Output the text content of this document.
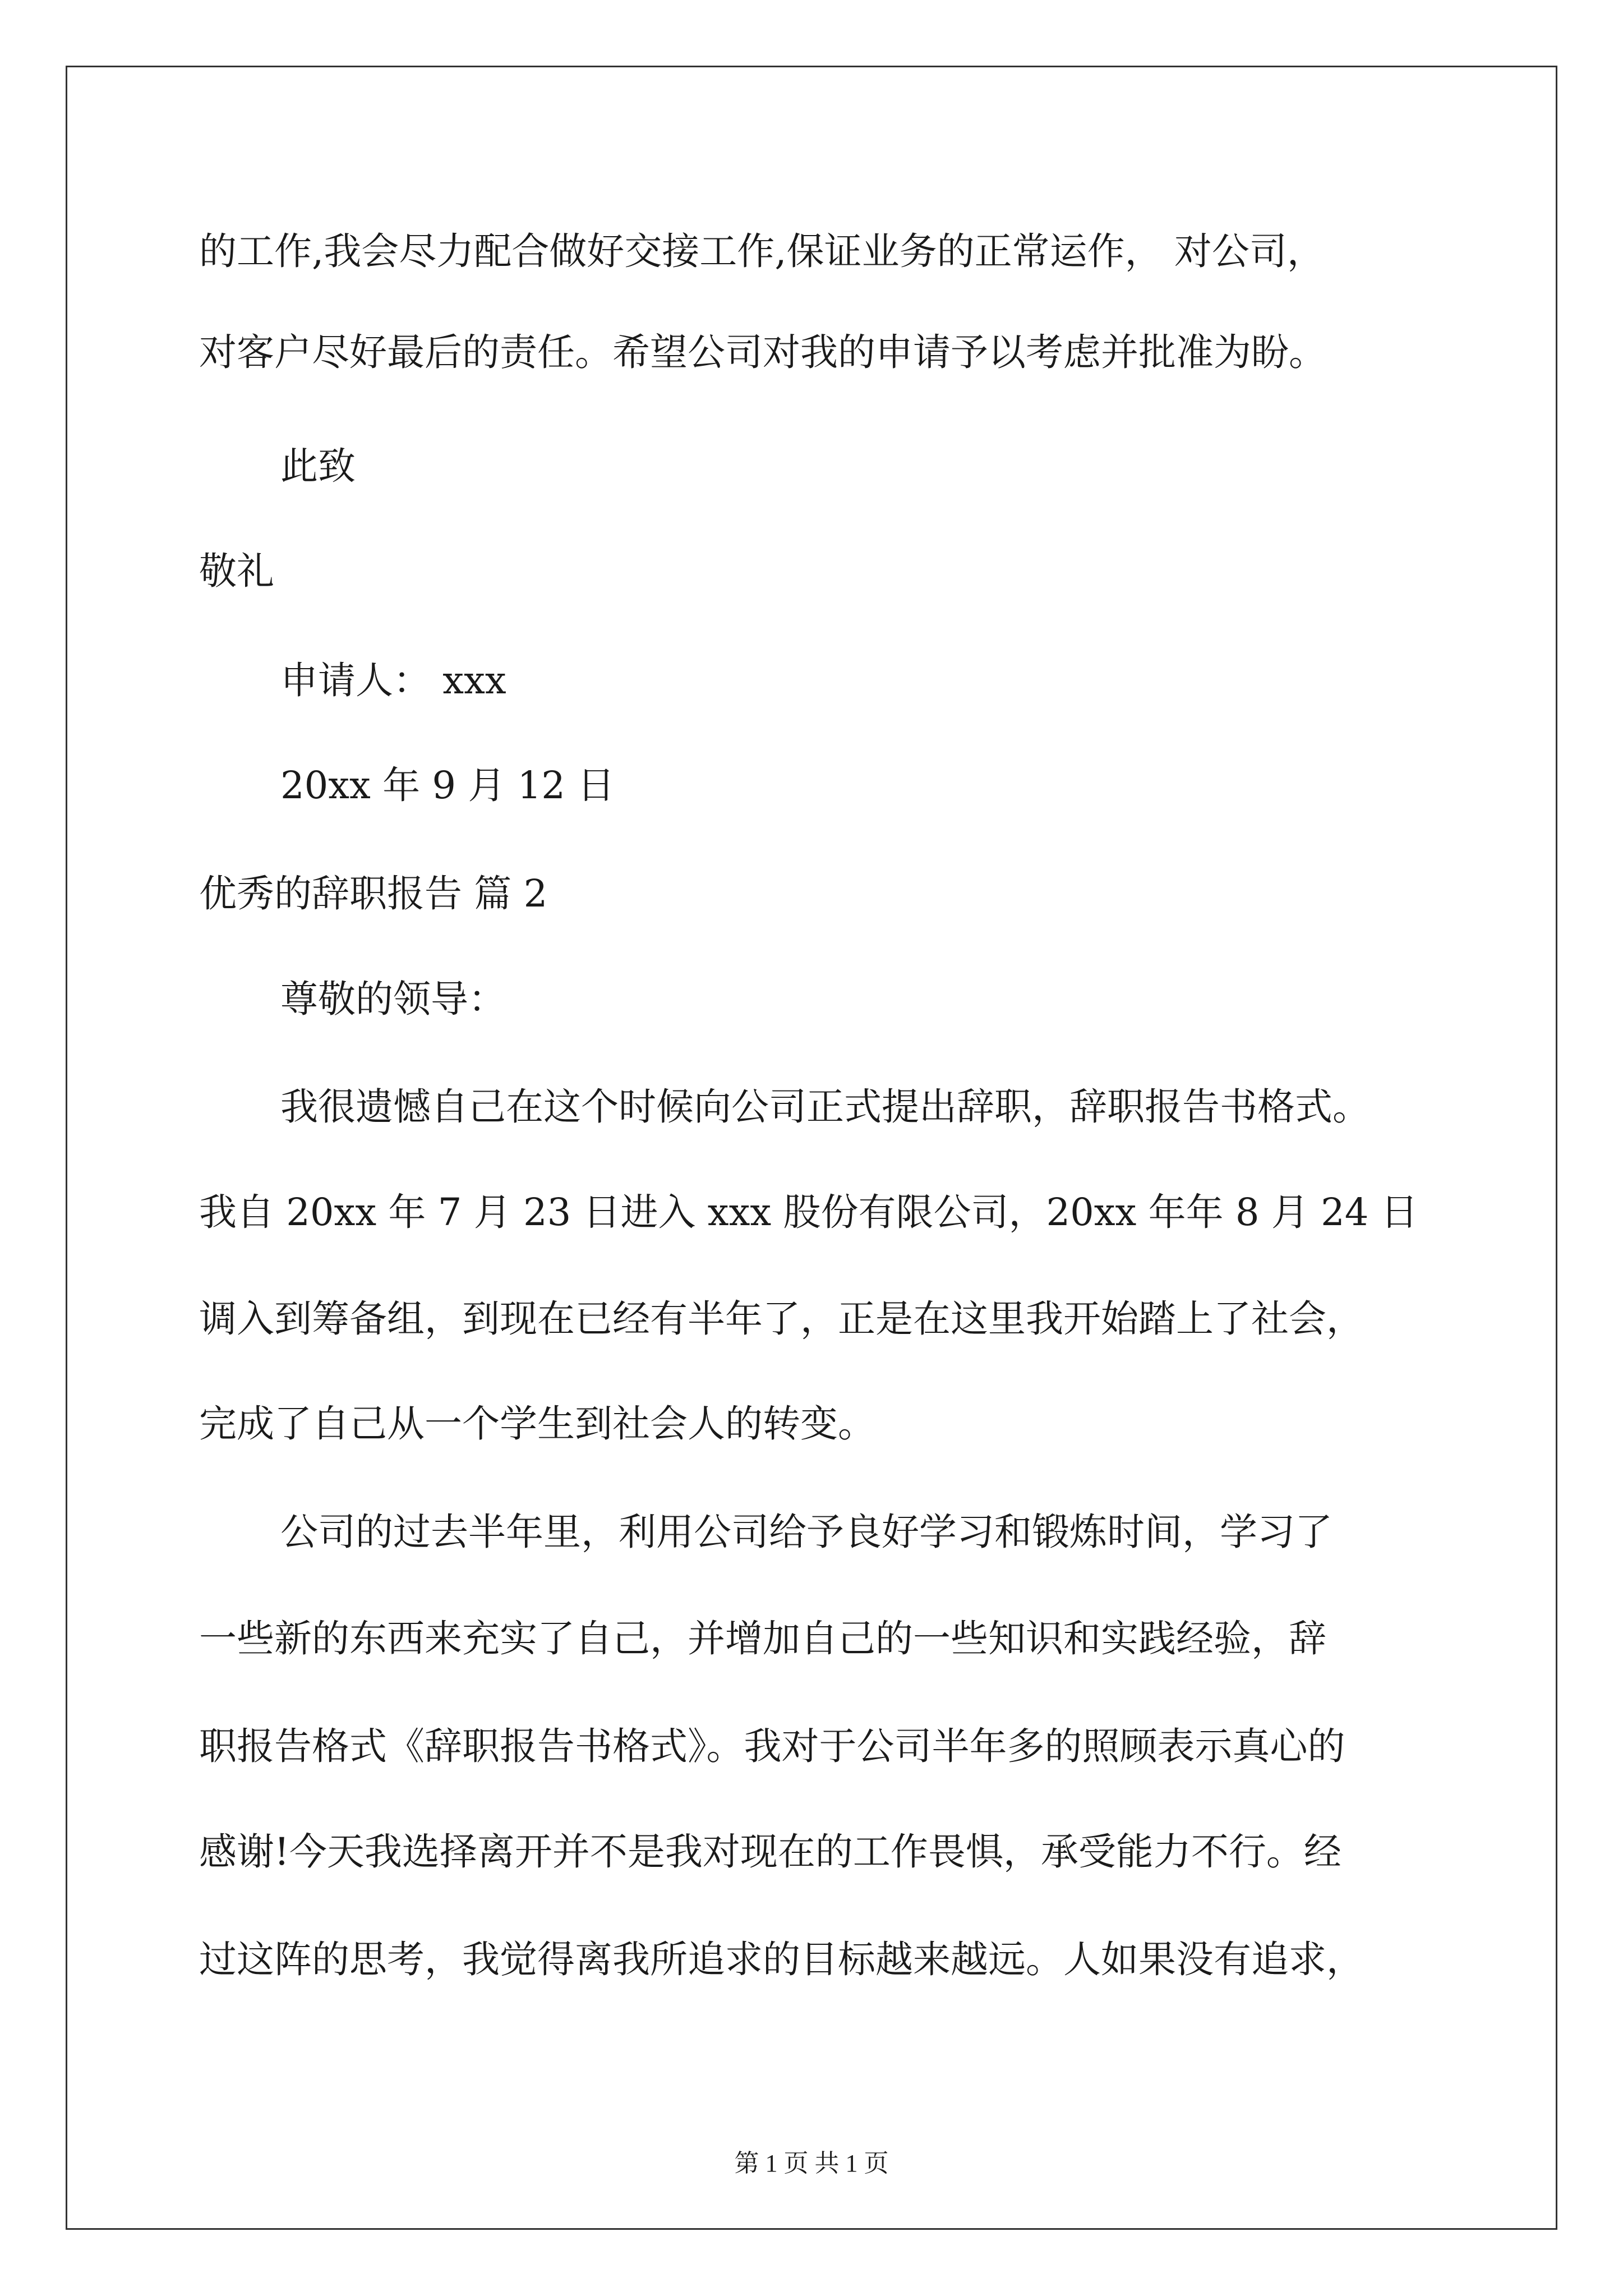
的工作,我会尽力配合做好交接工作,保证业务的正常运作， 对公司，
对客户尽好最后的责任。希望公司对我的申请予以考虑并批准为盼。
此致
敬礼
申请人： xxx
20xx 年 9 月 12 日
优秀的辞职报告 篇 2
尊敬的领导：
我很遗憾自己在这个时候向公司正式提出辞职，辞职报告书格式。
我自 20xx 年 7 月 23 日进入 xxx 股份有限公司，20xx 年年 8 月 24 日
调入到筹备组，到现在已经有半年了，正是在这里我开始踏上了社会，
完成了自己从一个学生到社会人的转变。
公司的过去半年里，利用公司给予良好学习和锻炼时间，学习了
一些新的东西来充实了自己，并增加自己的一些知识和实践经验，辞
职报告格式《辞职报告书格式》。我对于公司半年多的照顾表示真心的
感谢!今天我选择离开并不是我对现在的工作畏惧，承受能力不行。经
过这阵的思考，我觉得离我所追求的目标越来越远。人如果没有追求，
第 1 页 共 1 页
